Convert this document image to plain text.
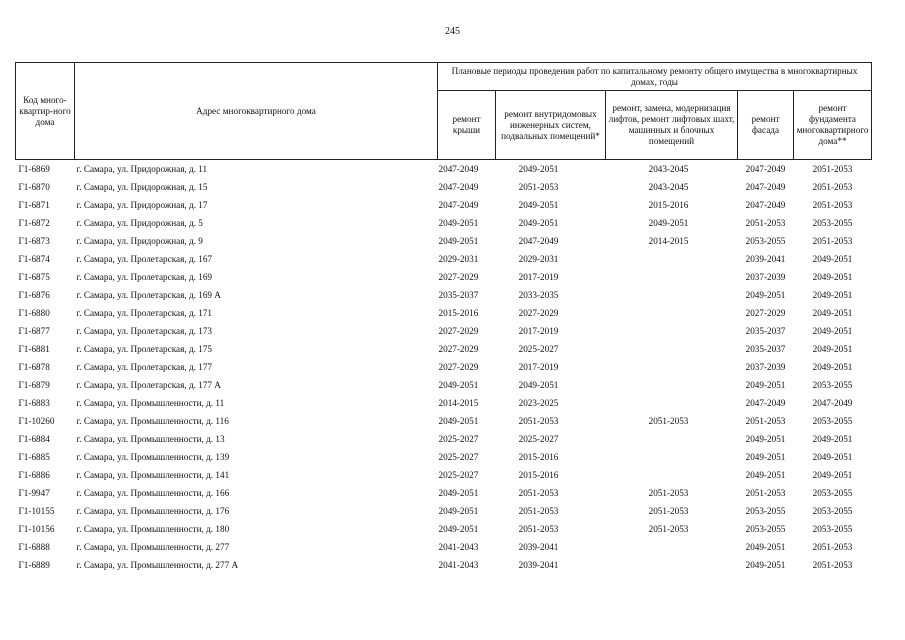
245
Код много-квартир-ного дома	Адрес многоквартирного дома	Плановые периоды проведения работ по капитальному ремонту общего имущества в многоквартирных домах, годы				
		ремонт крыши	ремонт внутридомовых инженерных систем, подвальных помещений*	ремонт, замена, модернизация лифтов, ремонт лифтовых шахт, машинных и блочных помещений	ремонт фасада	ремонт фундамента многоквартирного дома**
Г1-6869	г. Самара, ул. Придорожная, д. 11	2047-2049	2049-2051	2043-2045	2047-2049	2051-2053
Г1-6870	г. Самара, ул. Придорожная, д. 15	2047-2049	2051-2053	2043-2045	2047-2049	2051-2053
Г1-6871	г. Самара, ул. Придорожная, д. 17	2047-2049	2049-2051	2015-2016	2047-2049	2051-2053
Г1-6872	г. Самара, ул. Придорожная, д. 5	2049-2051	2049-2051	2049-2051	2051-2053	2053-2055
Г1-6873	г. Самара, ул. Придорожная, д. 9	2049-2051	2047-2049	2014-2015	2053-2055	2051-2053
Г1-6874	г. Самара, ул. Пролетарская, д. 167	2029-2031	2029-2031		2039-2041	2049-2051
Г1-6875	г. Самара, ул. Пролетарская, д. 169	2027-2029	2017-2019		2037-2039	2049-2051
Г1-6876	г. Самара, ул. Пролетарская, д. 169 А	2035-2037	2033-2035		2049-2051	2049-2051
Г1-6880	г. Самара, ул. Пролетарская, д. 171	2015-2016	2027-2029		2027-2029	2049-2051
Г1-6877	г. Самара, ул. Пролетарская, д. 173	2027-2029	2017-2019		2035-2037	2049-2051
Г1-6881	г. Самара, ул. Пролетарская, д. 175	2027-2029	2025-2027		2035-2037	2049-2051
Г1-6878	г. Самара, ул. Пролетарская, д. 177	2027-2029	2017-2019		2037-2039	2049-2051
Г1-6879	г. Самара, ул. Пролетарская, д. 177 А	2049-2051	2049-2051		2049-2051	2053-2055
Г1-6883	г. Самара, ул. Промышленности, д. 11	2014-2015	2023-2025		2047-2049	2047-2049
Г1-10260	г. Самара, ул. Промышленности, д. 116	2049-2051	2051-2053	2051-2053	2051-2053	2053-2055
Г1-6884	г. Самара, ул. Промышленности, д. 13	2025-2027	2025-2027		2049-2051	2049-2051
Г1-6885	г. Самара, ул. Промышленности, д. 139	2025-2027	2015-2016		2049-2051	2049-2051
Г1-6886	г. Самара, ул. Промышленности, д. 141	2025-2027	2015-2016		2049-2051	2049-2051
Г1-9947	г. Самара, ул. Промышленности, д. 166	2049-2051	2051-2053	2051-2053	2051-2053	2053-2055
Г1-10155	г. Самара, ул. Промышленности, д. 176	2049-2051	2051-2053	2051-2053	2053-2055	2053-2055
Г1-10156	г. Самара, ул. Промышленности, д. 180	2049-2051	2051-2053	2051-2053	2053-2055	2053-2055
Г1-6888	г. Самара, ул. Промышленности, д. 277	2041-2043	2039-2041		2049-2051	2051-2053
Г1-6889	г. Самара, ул. Промышленности, д. 277 А	2041-2043	2039-2041		2049-2051	2051-2053
